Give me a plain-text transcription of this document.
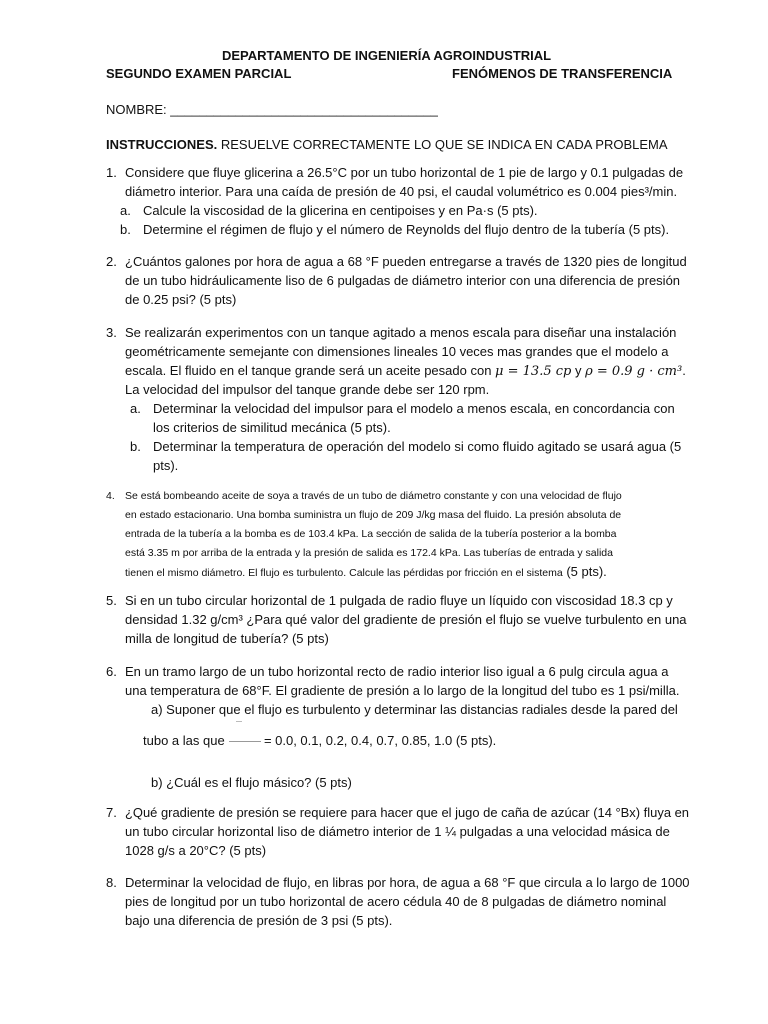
DEPARTAMENTO DE INGENIERÍA AGROINDUSTRIAL
SEGUNDO EXAMEN PARCIAL	FENÓMENOS DE TRANSFERENCIA
NOMBRE: _____________________________________
INSTRUCCIONES. RESUELVE CORRECTAMENTE LO QUE SE INDICA EN CADA PROBLEMA
1. Considere que fluye glicerina a 26.5°C por un tubo horizontal de 1 pie de largo y 0.1 pulgadas de
diámetro interior. Para una caída de presión de 40 psi, el caudal volumétrico es 0.004 pies³/min.
a. Calcule la viscosidad de la glicerina en centipoises y en Pa·s (5 pts).
b. Determine el régimen de flujo y el número de Reynolds del flujo dentro de la tubería (5 pts).
2. ¿Cuántos galones por hora de agua a 68 °F pueden entregarse a través de 1320 pies de longitud
de un tubo hidráulicamente liso de 6 pulgadas de diámetro interior con una diferencia de presión
de 0.25 psi? (5 pts)
3. Se realizarán experimentos con un tanque agitado a menos escala para diseñar una instalación
geométricamente semejante con dimensiones lineales 10 veces mas grandes que el modelo a
escala. El fluido en el tanque grande será un aceite pesado con μ = 13.5 cp y ρ = 0.9 g · cm³.
La velocidad del impulsor del tanque grande debe ser 120 rpm.
a. Determinar la velocidad del impulsor para el modelo a menos escala, en concordancia con
los criterios de similitud mecánica (5 pts).
b. Determinar la temperatura de operación del modelo si como fluido agitado se usará agua (5
pts).
4. Se está bombeando aceite de soya a través de un tubo de diámetro constante y con una velocidad de flujo
en estado estacionario. Una bomba suministra un flujo de 209 J/kg masa del fluido. La presión absoluta de
entrada de la tubería a la bomba es de 103.4 kPa. La sección de salida de la tubería posterior a la bomba
está 3.35 m por arriba de la entrada y la presión de salida es 172.4 kPa. Las tuberías de entrada y salida
tienen el mismo diámetro. El flujo es turbulento. Calcule las pérdidas por fricción en el sistema (5 pts).
5. Si en un tubo circular horizontal de 1 pulgada de radio fluye un líquido con viscosidad 18.3 cp y
densidad 1.32 g/cm³ ¿Para qué valor del gradiente de presión el flujo se vuelve turbulento en una
milla de longitud de tubería? (5 pts)
6. En un tramo largo de un tubo horizontal recto de radio interior liso igual a 6 pulg circula agua a
una temperatura de 68°F. El gradiente de presión a lo largo de la longitud del tubo es 1 psi/milla.
a) Suponer que el flujo es turbulento y determinar las distancias radiales desde la pared del
tubo a las que	= 0.0, 0.1, 0.2, 0.4, 0.7, 0.85, 1.0 (5 pts).
b) ¿Cuál es el flujo másico? (5 pts)
7. ¿Qué gradiente de presión se requiere para hacer que el jugo de caña de azúcar (14 °Bx) fluya en
un tubo circular horizontal liso de diámetro interior de 1 ¼ pulgadas a una velocidad másica de
1028 g/s a 20°C? (5 pts)
8. Determinar la velocidad de flujo, en libras por hora, de agua a 68 °F que circula a lo largo de 1000
pies de longitud por un tubo horizontal de acero cédula 40 de 8 pulgadas de diámetro nominal
bajo una diferencia de presión de 3 psi (5 pts).
